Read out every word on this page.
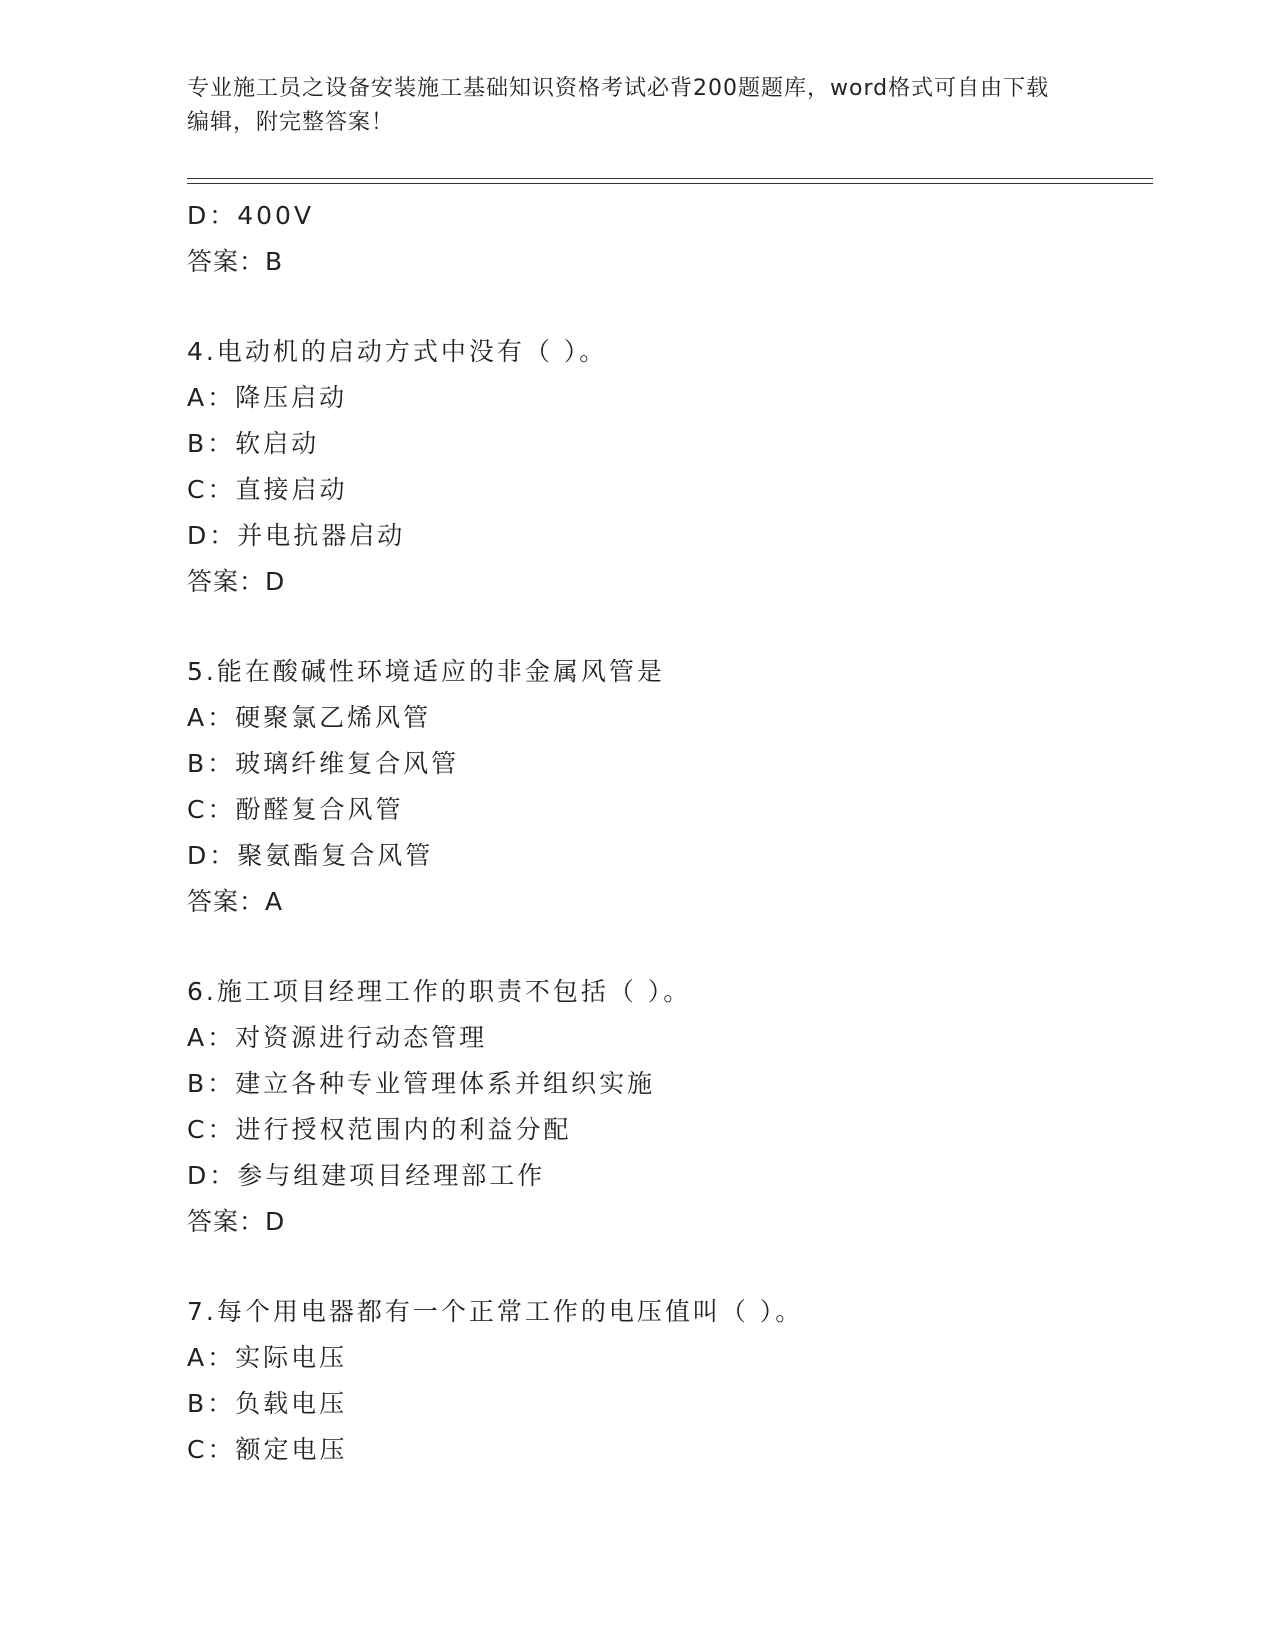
专业施工员之设备安装施工基础知识资格考试必背200题题库，word格式可自由下载编辑，附完整答案！
D：400V
答案：B
4.电动机的启动方式中没有（ ）。
A：降压启动
B：软启动
C：直接启动
D：并电抗器启动
答案：D
5.能在酸碱性环境适应的非金属风管是
A：硬聚氯乙烯风管
B：玻璃纤维复合风管
C：酚醛复合风管
D：聚氨酯复合风管
答案：A
6.施工项目经理工作的职责不包括（ ）。
A：对资源进行动态管理
B：建立各种专业管理体系并组织实施
C：进行授权范围内的利益分配
D：参与组建项目经理部工作
答案：D
7.每个用电器都有一个正常工作的电压值叫（ ）。
A：实际电压
B：负载电压
C：额定电压
